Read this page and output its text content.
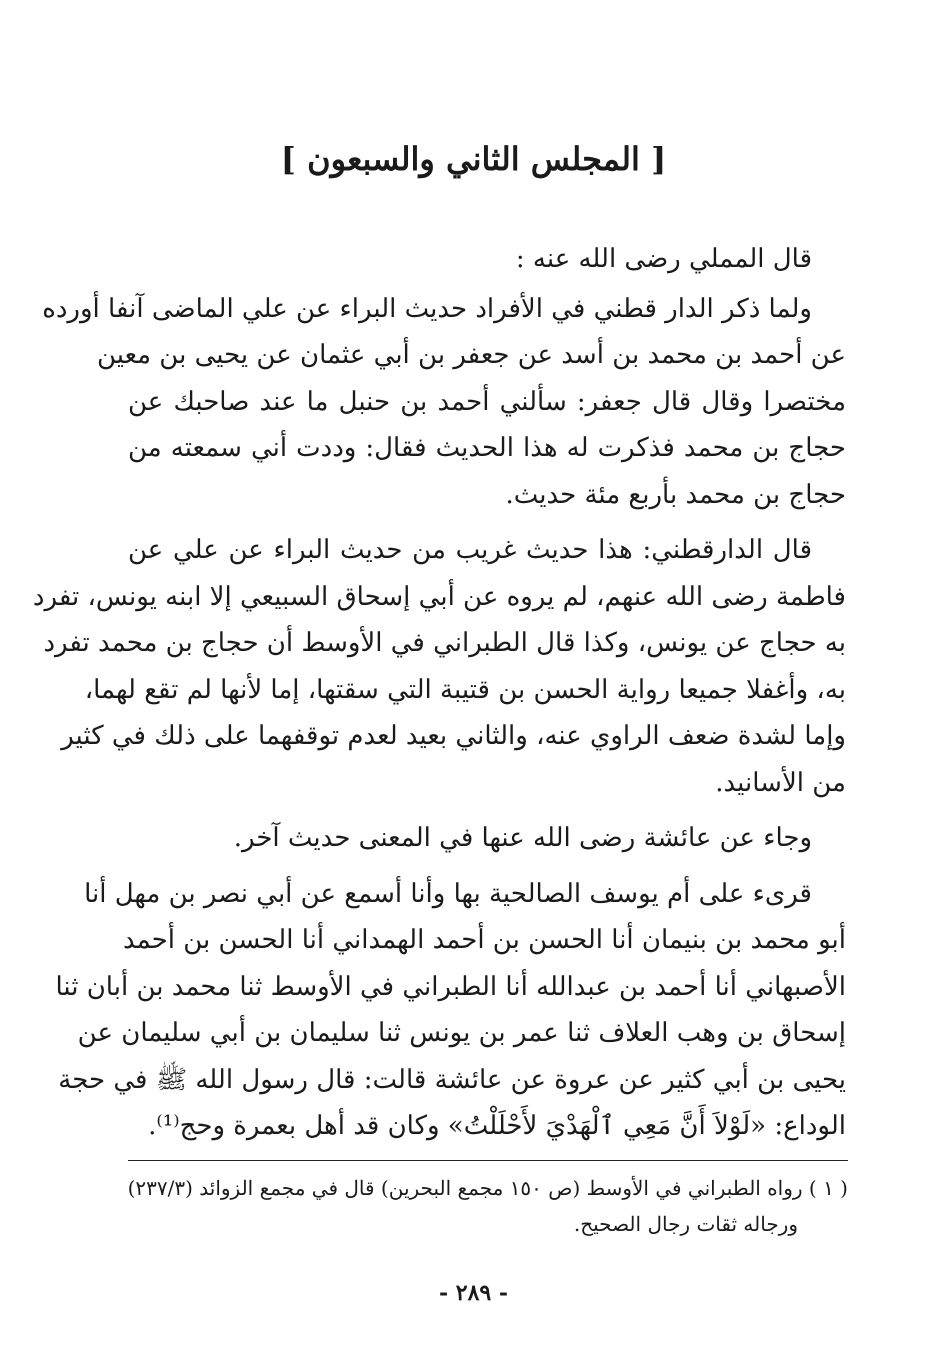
[ المجلس الثاني والسبعون ]

قال المملي رضى الله عنه :

ولما ذكر الدار قطني في الأفراد حديث البراء عن علي الماضى آنفا أورده
عن أحمد بن محمد بن أسد عن جعفر بن أبي عثمان عن يحيى بن معين
مختصرا وقال قال جعفر: سألني أحمد بن حنبل ما عند صاحبك عن
حجاج بن محمد فذكرت له هذا الحديث فقال: وددت أني سمعته من
حجاج بن محمد بأربع مئة حديث.

قال الدارقطني: هذا حديث غريب من حديث البراء عن علي عن
فاطمة رضى الله عنهم، لم يروه عن أبي إسحاق السبيعي إلا ابنه يونس، تفرد
به حجاج عن يونس، وكذا قال الطبراني في الأوسط أن حجاج بن محمد تفرد
به، وأغفلا جميعا رواية الحسن بن قتيبة التي سقتها، إما لأنها لم تقع لهما،
وإما لشدة ضعف الراوي عنه، والثاني بعيد لعدم توقفهما على ذلك في كثير
من الأسانيد.

وجاء عن عائشة رضى الله عنها في المعنى حديث آخر.

قرىء على أم يوسف الصالحية بها وأنا أسمع عن أبي نصر بن مهل أنا
أبو محمد بن بنيمان أنا الحسن بن أحمد الهمداني أنا الحسن بن أحمد
الأصبهاني أنا أحمد بن عبدالله أنا الطبراني في الأوسط ثنا محمد بن أبان ثنا
إسحاق بن وهب العلاف ثنا عمر بن يونس ثنا سليمان بن أبي سليمان عن
يحيى بن أبي كثير عن عروة عن عائشة قالت: قال رسول الله ﷺ في حجة
الوداع: «لَوْلاَ أَنَّ مَعِي ٱلْهَدْيَ لأَحْلَلْتُ» وكان قد أهل بعمرة وحج⁽¹⁾.

( ١ ) رواه الطبراني في الأوسط (ص ١٥٠ مجمع البحرين) قال في مجمع الزوائد (٢٣٧/٣)
ورجاله ثقات رجال الصحيح.
- ٢٨٩ -
